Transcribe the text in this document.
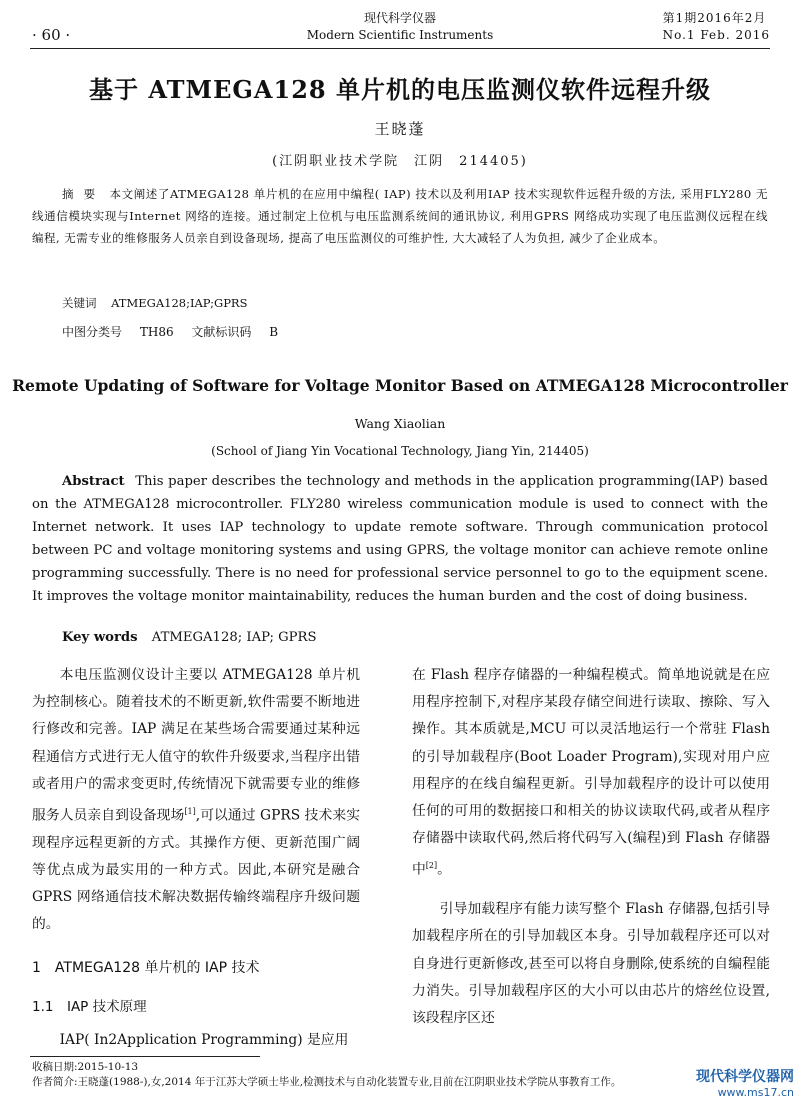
· 60 ·
现代科学仪器
Modern Scientific Instruments
第1期2016年2月
No.1 Feb. 2016
基于 ATMEGA128 单片机的电压监测仪软件远程升级
王晓蓬
(江阴职业技术学院　江阴　214405)
摘要 本文阐述了ATMEGA128 单片机的在应用中编程( IAP) 技术以及利用IAP 技术实现软件远程升级的方法, 采用FLY280 无线通信模块实现与Internet 网络的连接。通过制定上位机与电压监测系统间的通讯协议, 利用GPRS 网络成功实现了电压监测仪远程在线编程, 无需专业的维修服务人员亲自到设备现场, 提高了电压监测仪的可维护性, 大大减轻了人为负担, 减少了企业成本。
关键词 ATMEGA128;IAP;GPRS
中图分类号 TH86 文献标识码 B
Remote Updating of Software for Voltage Monitor Based on ATMEGA128 Microcontroller
Wang Xiaolian
(School of Jiang Yin Vocational Technology, Jiang Yin, 214405)
Abstract This paper describes the technology and methods in the application programming(IAP) based on the ATMEGA128 microcontroller. FLY280 wireless communication module is used to connect with the Internet network. It uses IAP technology to update remote software. Through communication protocol between PC and voltage monitoring systems and using GPRS, the voltage monitor can achieve remote online programming successfully. There is no need for professional service personnel to go to the equipment scene. It improves the voltage monitor maintainability, reduces the human burden and the cost of doing business.
Key words ATMEGA128; IAP; GPRS

本电压监测仪设计主要以 ATMEGA128 单片机为控制核心。随着技术的不断更新,软件需要不断地进行修改和完善。IAP 满足在某些场合需要通过某种远程通信方式进行无人值守的软件升级要求,当程序出错或者用户的需求变更时,传统情况下就需要专业的维修服务人员亲自到设备现场[1],可以通过 GPRS 技术来实现程序远程更新的方式。其操作方便、更新范围广阔等优点成为最实用的一种方式。因此,本研究是融合 GPRS 网络通信技术解决数据传输终端程序升级问题的。

1　ATMEGA128 单片机的 IAP 技术
1.1　IAP 技术原理

IAP( In2Application Programming) 是应用

在 Flash 程序存储器的一种编程模式。简单地说就是在应用程序控制下,对程序某段存储空间进行读取、擦除、写入操作。其本质就是,MCU 可以灵活地运行一个常驻 Flash 的引导加载程序(Boot Loader Program),实现对用户应用程序的在线自编程更新。引导加载程序的设计可以使用任何的可用的数据接口和相关的协议读取代码,或者从程序存储器中读取代码,然后将代码写入(编程)到 Flash 存储器中[2]。

引导加载程序有能力读写整个 Flash 存储器,包括引导加载程序所在的引导加载区本身。引导加载程序还可以对自身进行更新修改,甚至可以将自身删除,使系统的自编程能力消失。引导加载程序区的大小可以由芯片的熔丝位设置,该段程序区还

收稿日期:2015-10-13
作者简介:王晓蓬(1988-),女,2014 年于江苏大学硕士毕业,检测技术与自动化装置专业,目前在江阴职业技术学院从事教育工作。	现代科学仪器网
www.ms17.cn
